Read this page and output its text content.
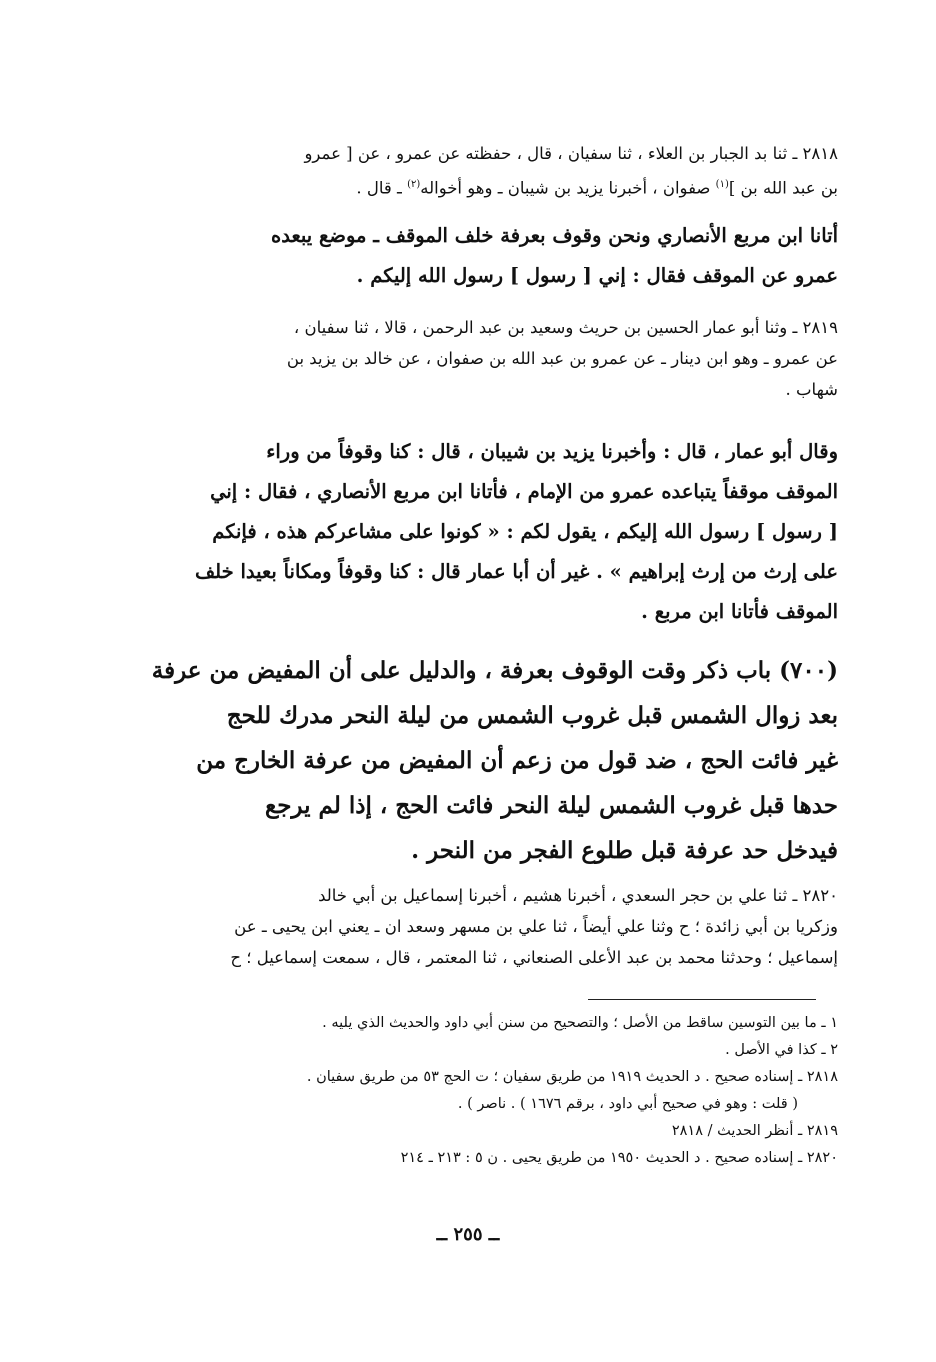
٢٨١٨ ـ ثنا بد الجبار بن العلاء ، ثنا سفيان ، قال ، حفظته عن عمرو ، عن [ عمرو
بن عبد الله بن ]$^{(١)}$ صفوان ، أخبرنا يزيد بن شيبان ـ وهو أخواله$^{(٢)}$ ـ قال .
أتانا ابن مربع الأنصاري ونحن وقوف بعرفة خلف الموقف ـ موضع يبعده
عمرو عن الموقف فقال : إني [ رسول ] رسول الله إليكم .
٢٨١٩ ـ وثنا أبو عمار الحسين بن حريث وسعيد بن عبد الرحمن ، قالا ، ثنا سفيان ،
عن عمرو ـ وهو ابن دينار ـ عن عمرو بن عبد الله بن صفوان ، عن خالد بن يزيد بن
شهاب .
وقال أبو عمار ، قال : وأخبرنا يزيد بن شيبان ، قال : كنا وقوفاً من وراء
الموقف موقفاً يتباعده عمرو من الإمام ، فأتانا ابن مربع الأنصاري ، فقال : إني
[ رسول ] رسول الله إليكم ، يقول لكم : « كونوا على مشاعركم هذه ، فإنكم
على إرث من إرث إبراهيم » . غير أن أبا عمار قال : كنا وقوفاً ومكاناً بعيدا خلف
الموقف فأتانا ابن مربع .
(٧٠٠) باب ذكر وقت الوقوف بعرفة ، والدليل على أن المفيض من عرفة
بعد زوال الشمس قبل غروب الشمس من ليلة النحر مدرك للحج
غير فائت الحج ، ضد قول من زعم أن المفيض من عرفة الخارج من
حدها قبل غروب الشمس ليلة النحر فائت الحج ، إذا لم يرجع
فيدخل حد عرفة قبل طلوع الفجر من النحر .
٢٨٢٠ ـ ثنا علي بن حجر السعدي ، أخبرنا هشيم ، أخبرنا إسماعيل بن أبي خالد
وزكريا بن أبي زائدة ؛ ح وثنا علي أيضاً ، ثنا علي بن مسهر وسعد ان ـ يعني ابن يحيى ـ عن
إسماعيل ؛ وحدثنا محمد بن عبد الأعلى الصنعاني ، ثنا المعتمر ، قال ، سمعت إسماعيل ؛ ح
١ ـ ما بين التوسين ساقط من الأصل ؛ والتصحيح من سنن أبي داود والحديث الذي يليه .
٢ ـ كذا في الأصل .
٢٨١٨ ـ إسناده صحيح . د الحديث ١٩١٩ من طريق سفيان ؛ ت الحج ٥٣ من طريق سفيان .
( قلت : وهو في صحيح أبي داود ، برقم ١٦٧٦ ) . ناصر ) .
٢٨١٩ ـ أنظر الحديث / ٢٨١٨
٢٨٢٠ ـ إسناده صحيح . د الحديث ١٩٥٠ من طريق يحيى . ن ٥ : ٢١٣ ـ ٢١٤
ــ ٢٥٥ ــ
